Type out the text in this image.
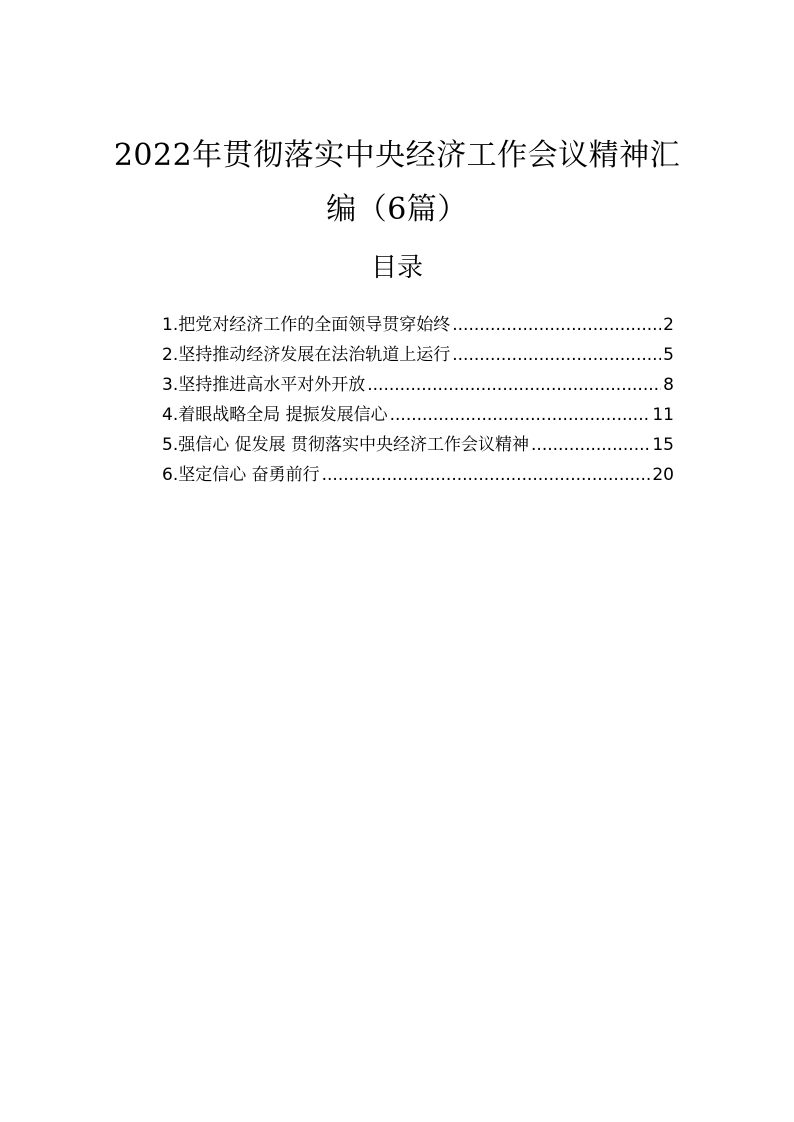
2022年贯彻落实中央经济工作会议精神汇
编（6篇）
目录
1.把党对经济工作的全面领导贯穿始终 .....	2
2.坚持推动经济发展在法治轨道上运行 .....	5
3.坚持推进高水平对外开放 .....	8
4.着眼战略全局 提振发展信心 .....	11
5.强信心 促发展 贯彻落实中央经济工作会议精神 .....	15
6.坚定信心 奋勇前行 .....	20
